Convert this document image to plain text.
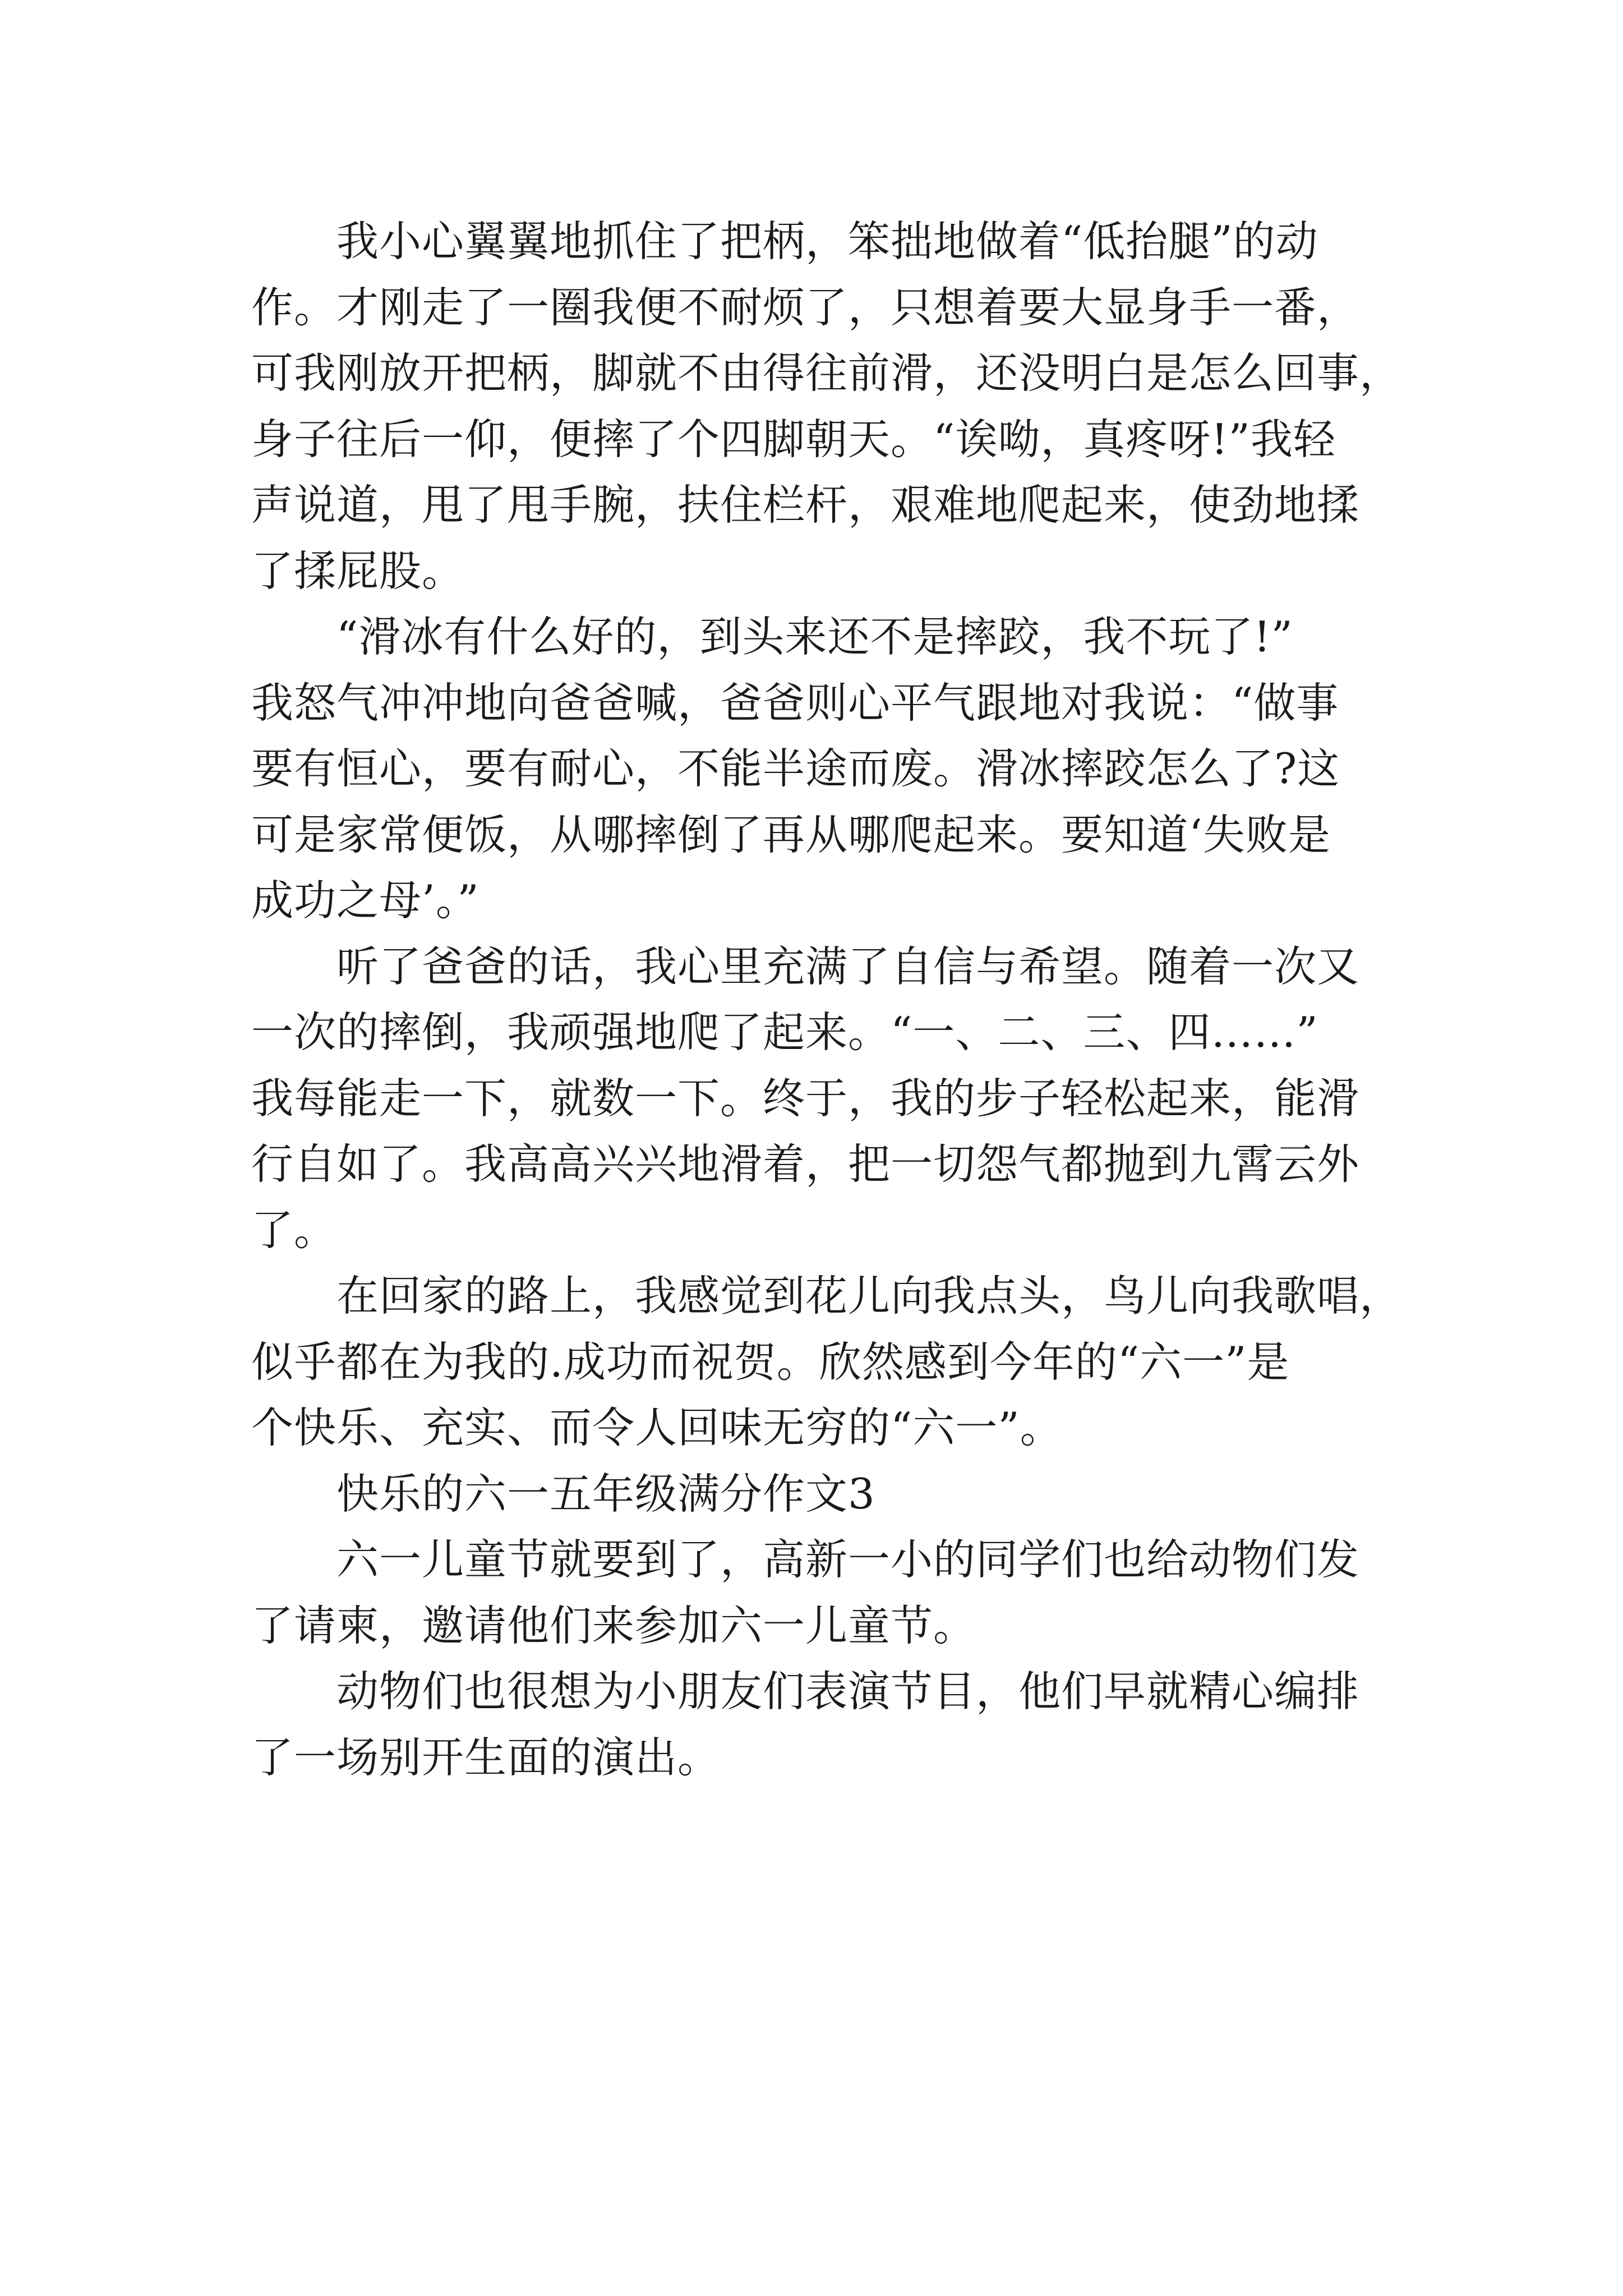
　　我小心翼翼地抓住了把柄，笨拙地做着“低抬腿”的动
作。才刚走了一圈我便不耐烦了，只想着要大显身手一番，
可我刚放开把柄，脚就不由得往前滑，还没明白是怎么回事，
身子往后一仰，便摔了个四脚朝天。“诶呦，真疼呀!”我轻
声说道，甩了甩手腕，扶住栏杆，艰难地爬起来，使劲地揉
了揉屁股。
　　“滑冰有什么好的，到头来还不是摔跤，我不玩了!”
我怒气冲冲地向爸爸喊，爸爸则心平气跟地对我说：“做事
要有恒心，要有耐心，不能半途而废。滑冰摔跤怎么了?这
可是家常便饭，从哪摔倒了再从哪爬起来。要知道‘失败是
成功之母’。”
　　听了爸爸的话，我心里充满了自信与希望。随着一次又
一次的摔倒，我顽强地爬了起来。“一、二、三、四……”
我每能走一下，就数一下。终于，我的步子轻松起来，能滑
行自如了。我高高兴兴地滑着，把一切怨气都抛到九霄云外
了。
　　在回家的路上，我感觉到花儿向我点头，鸟儿向我歌唱，
似乎都在为我的.成功而祝贺。欣然感到今年的“六一”是
个快乐、充实、而令人回味无穷的“六一”。
　　快乐的六一五年级满分作文3
　　六一儿童节就要到了，高新一小的同学们也给动物们发
了请柬，邀请他们来参加六一儿童节。
　　动物们也很想为小朋友们表演节目，他们早就精心编排
了一场别开生面的演出。
